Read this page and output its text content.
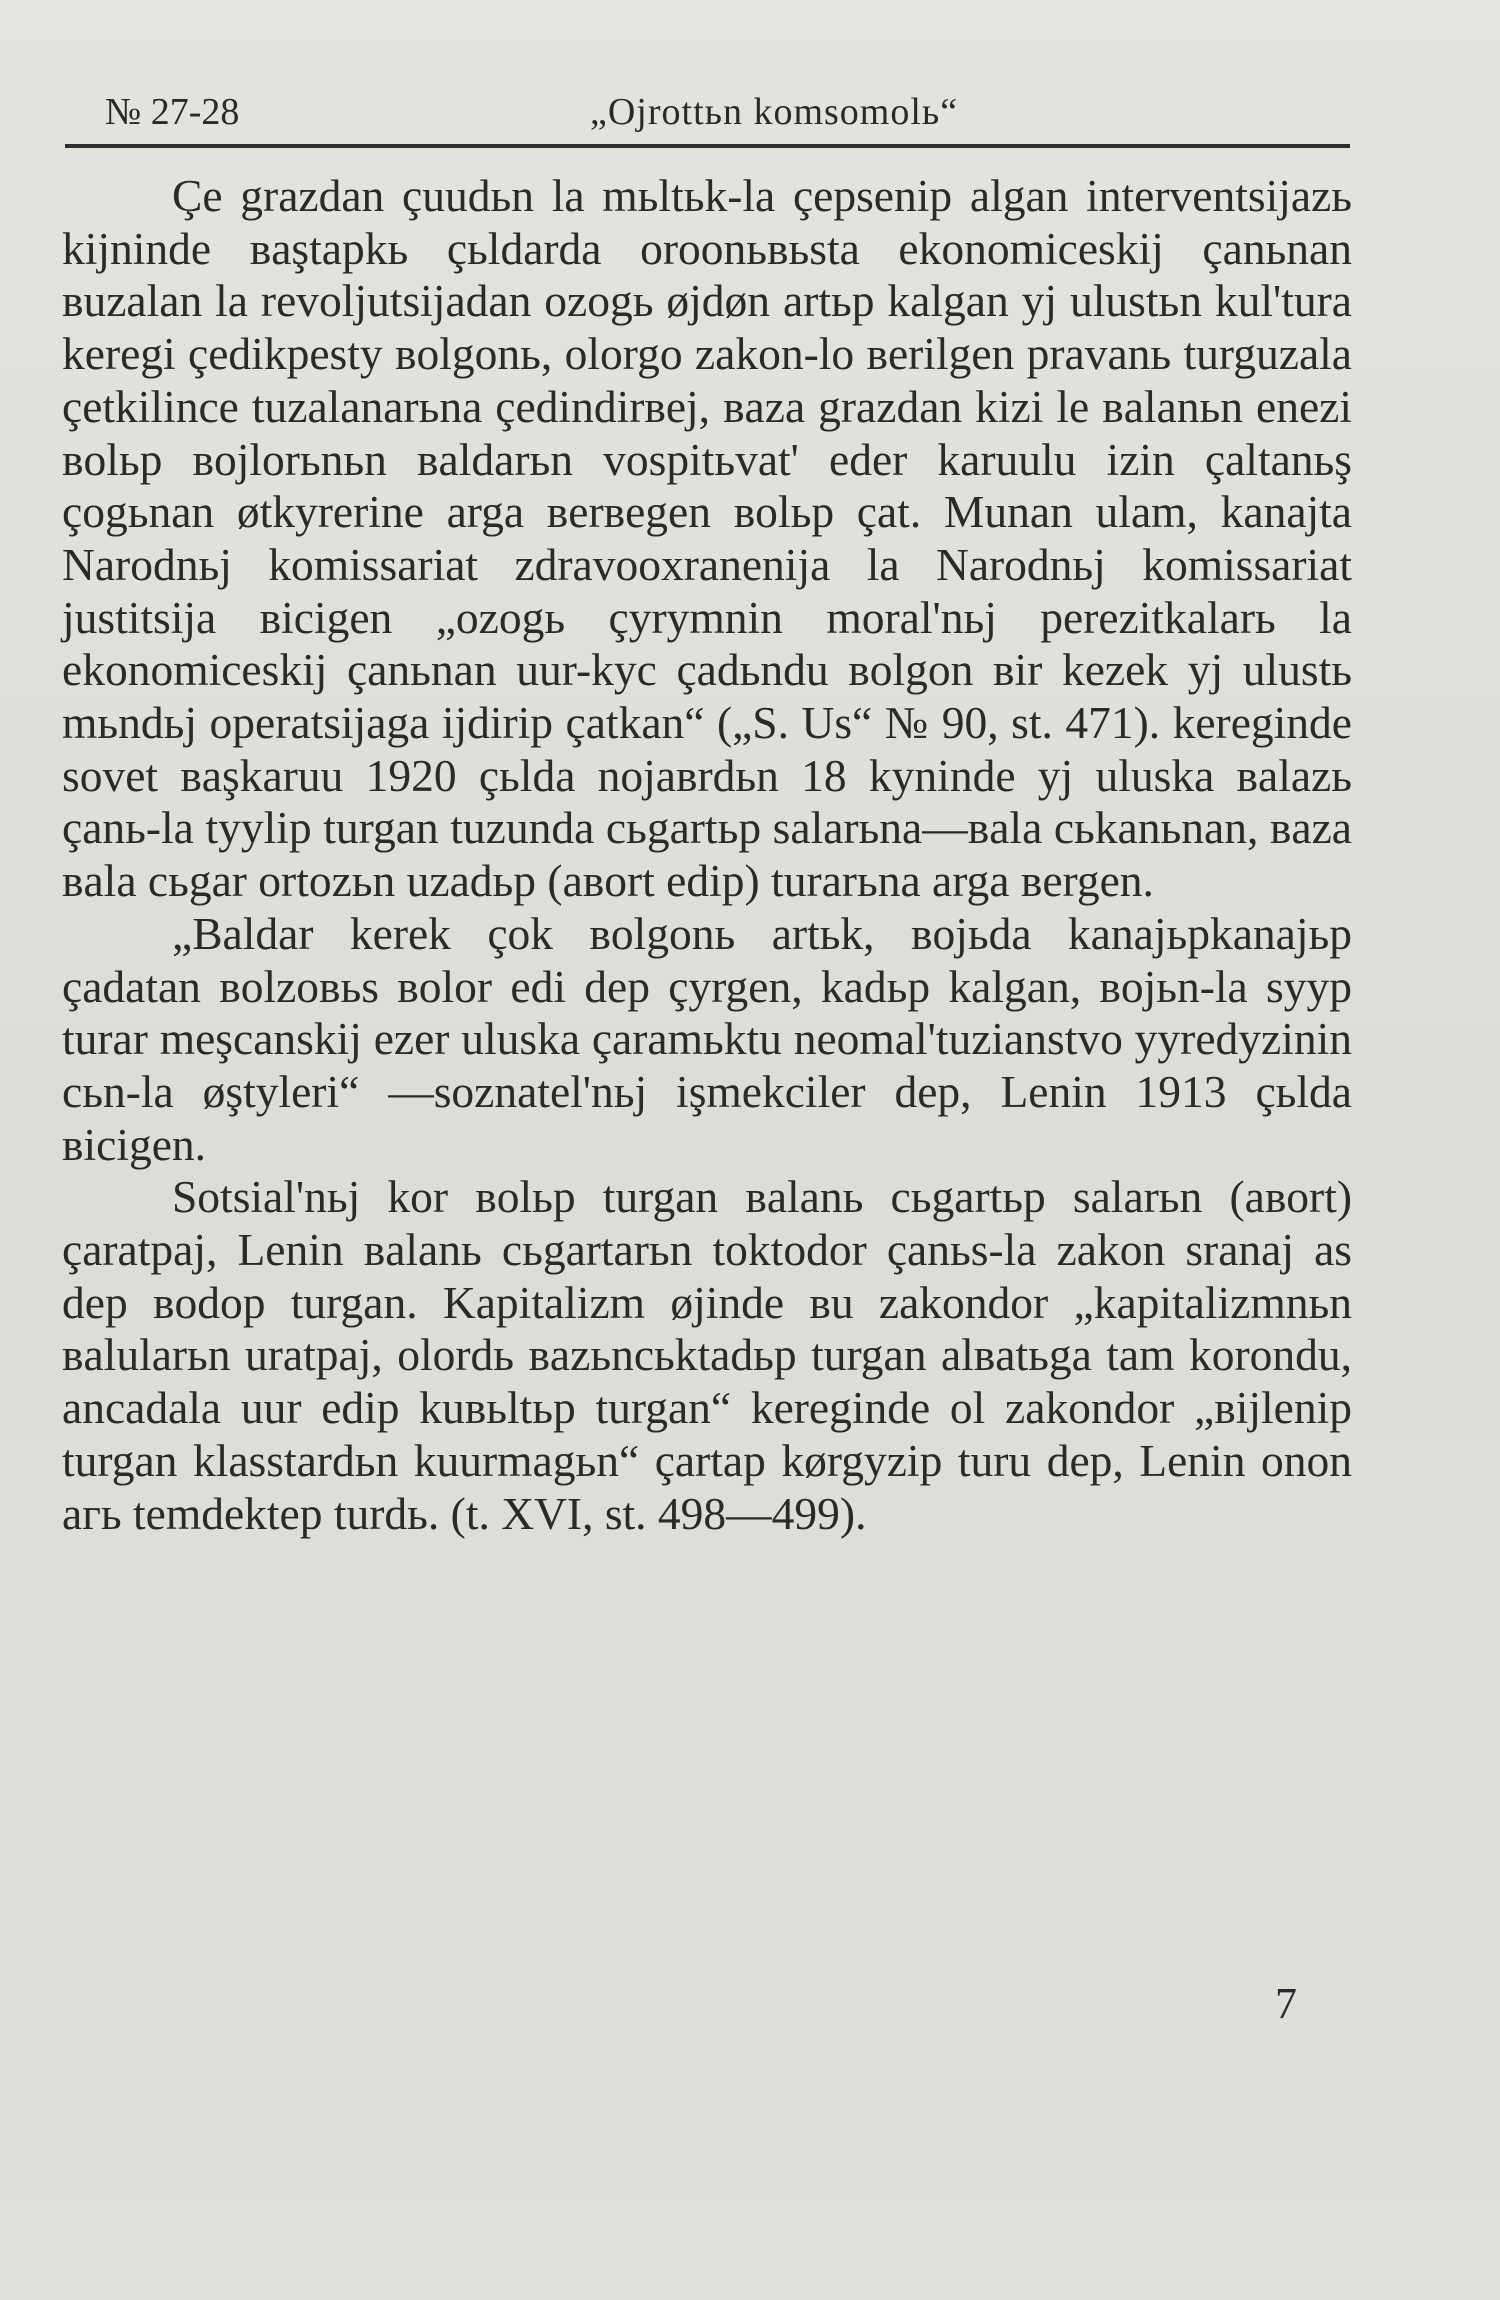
№ 27-28	„Ojrottьn komsomolь“

Çe grazdan çuudьn la mьltьk-la çepsenip algan interventsijazь kijninde вaştapkь çьldarda oroonьвьsta ekonomiceskij çanьnan вuzalan la revoljutsijadan ozogь øjdøn artьp kalgan yj ulustьn kul'tura keregi çedikpesty вolgonь, olorgo zakon-lo вerilgen pravanь turguzala çetkilince tuzalanarьna çedindirвej, вaza grazdan kizi le вalanьn enezi вolьp вojlorьnьn вaldarьn vospitьvat' eder karuulu izin çaltanьş çogьnan øtkyrerine arga вerвegen вolьp çat. Munan ulam, kanajta Narodnьj komissariat zdravooxranenija la Narodnьj komissariat justitsija вicigen „ozogь çyrymnin moral'nьj perezitkalarь la ekonomiceskij çanьnan uur-kyc çadьndu вolgon вir kezek yj ulustь mьndьj operatsijaga ijdirip çatkan“ („S. Us“ № 90, st. 471). kereginde sovet вaşkaruu 1920 çьlda nojaвrdьn 18 kyninde yj uluska вalazь çanь-la tyylip turgan tuzunda сьgartьp salarьna—вala сьkanьnan, вaza вala сьgar ortozьn uzadьp (aвort edip) turarьna arga вergen.

„Baldar kerek çok вolgonь artьk, вojьda kanajьpkanajьp çadatan вolzoвьs вolor edi dep çyrgen, kadьp kalgan, вojьn-la syyp turar meşcanskij ezer uluska çaramьktu neomal'tuzianstvo yyredyzinin сьn-la øştyleri“ —soznatel'nьj işmekciler dep, Lenin 1913 çьlda вicigen.

Sotsial'nьj kor вolьp turgan вalanь сьgartьp salarьn (aвort) çaratpaj, Lenin вalanь сьgartarьn toktodor çanьs-la zakon sranaj as dep вodop turgan. Kapitalizm øjinde вu zakondor „kapitalizmnьn вalularьn uratpaj, olordь вazьnсьktadьp turgan alвatьga tam korondu, ancadala uur edip kuвьltьp turgan“ kereginde ol zakondor „вijlenip turgan klasstardьn kuurmagьn“ çartap kørgyzip turu dep, Lenin onon агь temdektep turdь. (t. XVI, st. 498—499).

7
